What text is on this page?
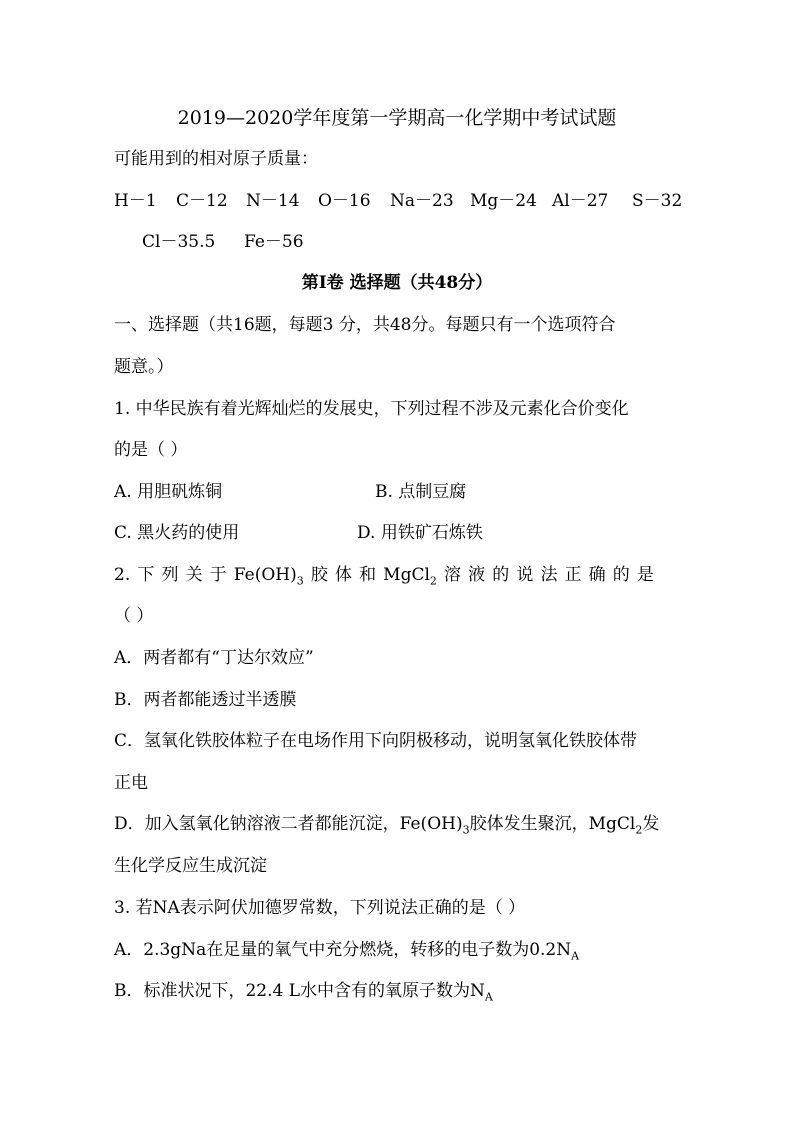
2019—2020学年度第一学期高一化学期中考试试题
可能用到的相对原子质量：
H－1 C－12 N－14 O－16 Na－23 Mg－24 Al－27 S－32
Cl－35.5 Fe－56
第Ⅰ卷 选择题（共48分）
一、选择题（共16题，每题3 分，共48分。每题只有一个选项符合
题意。）
1. 中华民族有着光辉灿烂的发展史，下列过程不涉及元素化合价变化
的是（ ）
A. 用胆矾炼铜	B. 点制豆腐
C. 黑火药的使用	D. 用铁矿石炼铁
2. 下 列 关 于 $Fe(OH)_3$ 胶 体 和 MgCl$_2$ 溶 液 的 说 法 正 确 的 是
（ ）
A．两者都有“丁达尔效应”
B．两者都能透过半透膜
C．氢氧化铁胶体粒子在电场作用下向阴极移动，说明氢氧化铁胶体带
正电
D．加入氢氧化钠溶液二者都能沉淀，$Fe(OH)_3$胶体发生聚沉，MgCl$_2$发
生化学反应生成沉淀
3. 若NA表示阿伏加德罗常数，下列说法正确的是（ ）
A．2.3gNa在足量的氧气中充分燃烧，转移的电子数为$0.2N_A$
B．标准状况下，22.4 L水中含有的氧原子数为$N_A$
